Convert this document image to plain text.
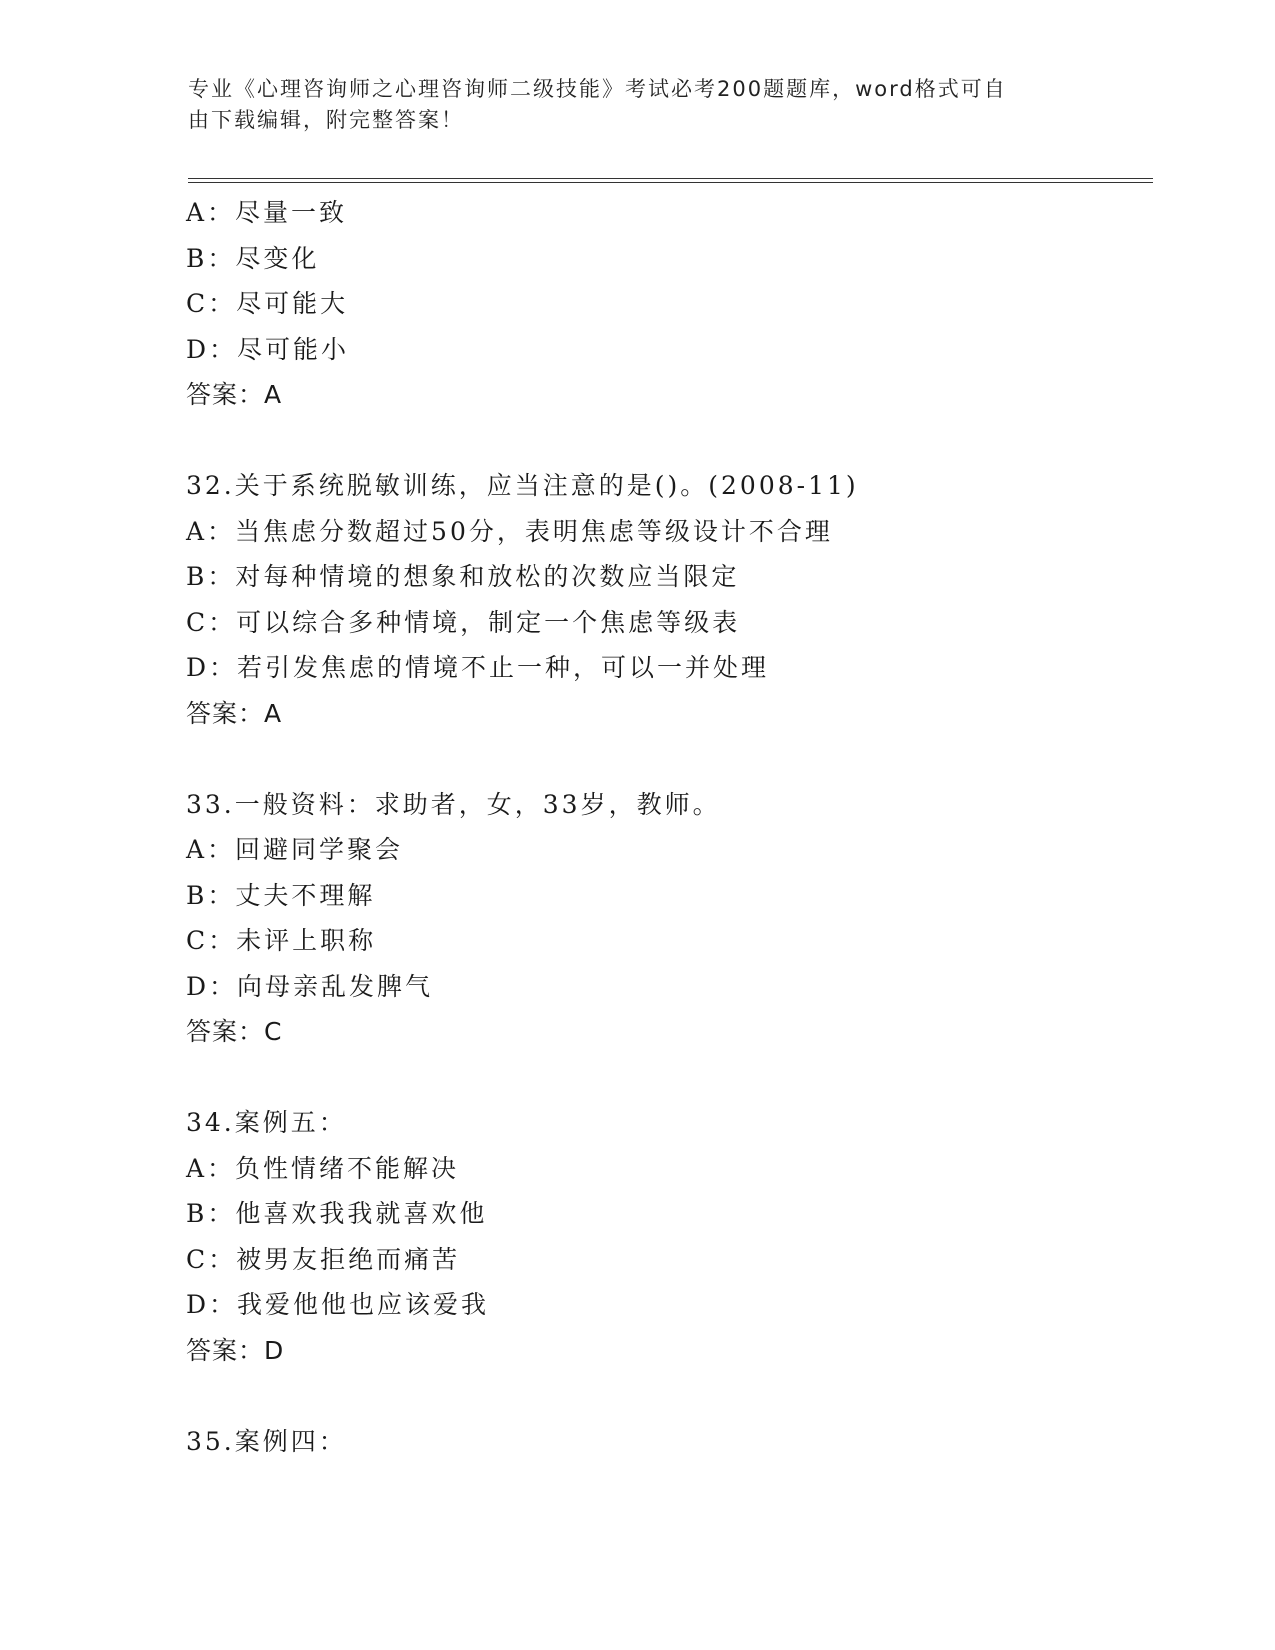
专业《心理咨询师之心理咨询师二级技能》考试必考200题题库，word格式可自
由下载编辑，附完整答案！
A：尽量一致
B：尽变化
C：尽可能大
D：尽可能小
答案：A
32.关于系统脱敏训练，应当注意的是()。(2008-11)
A：当焦虑分数超过50分，表明焦虑等级设计不合理
B：对每种情境的想象和放松的次数应当限定
C：可以综合多种情境，制定一个焦虑等级表
D：若引发焦虑的情境不止一种，可以一并处理
答案：A
33.一般资料：求助者，女，33岁，教师。
A：回避同学聚会
B：丈夫不理解
C：未评上职称
D：向母亲乱发脾气
答案：C
34.案例五：
A：负性情绪不能解决
B：他喜欢我我就喜欢他
C：被男友拒绝而痛苦
D：我爱他他也应该爱我
答案：D
35.案例四：
